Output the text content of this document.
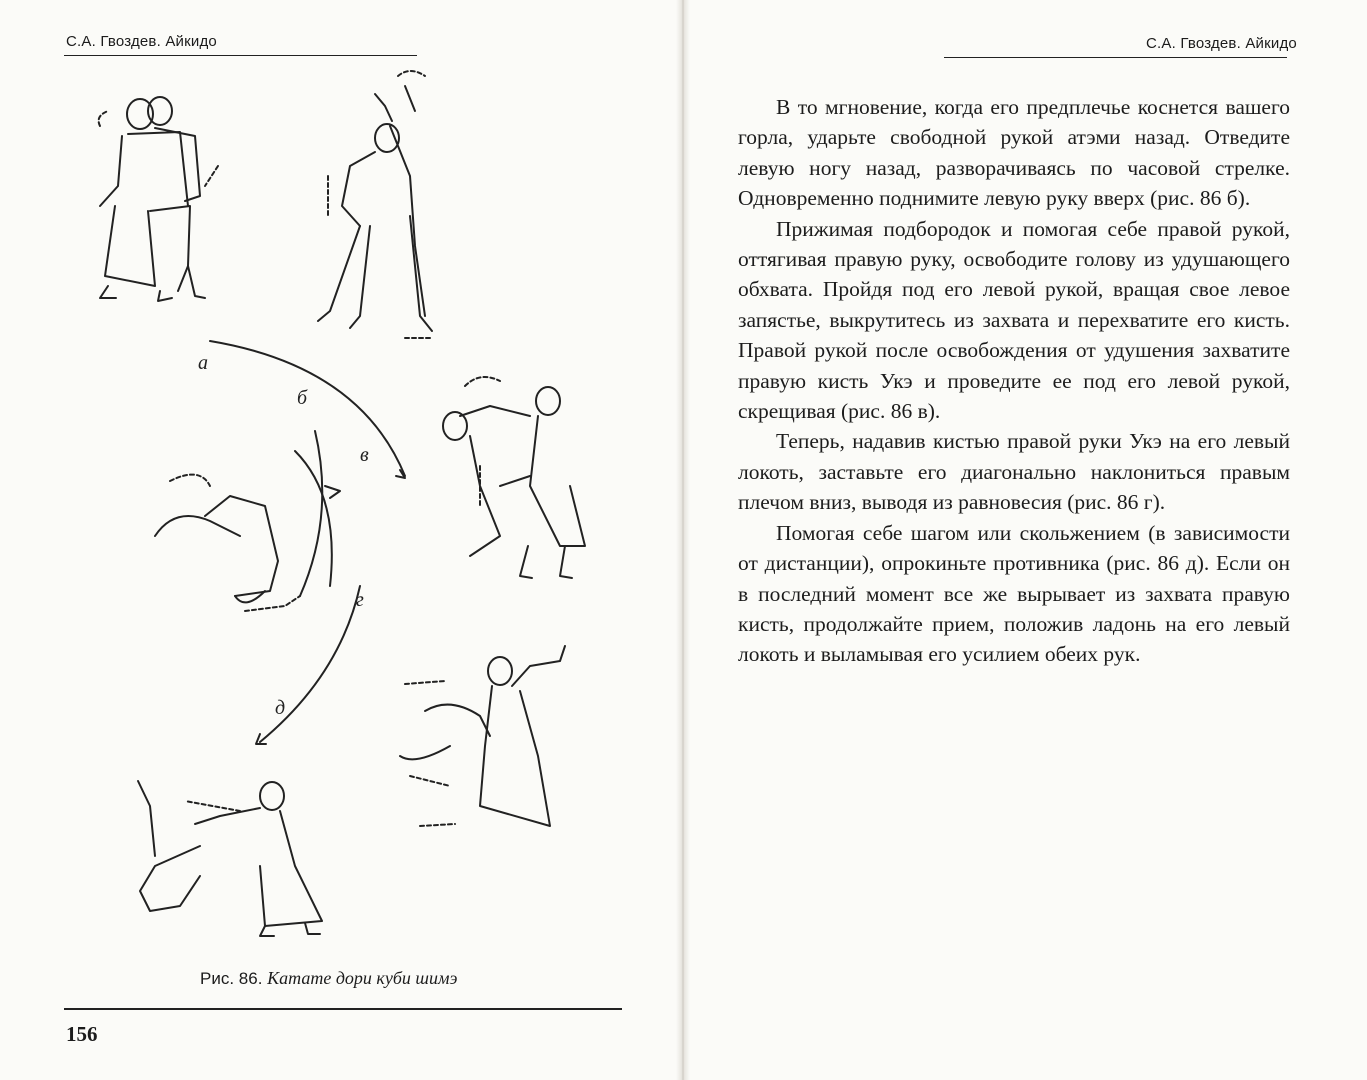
С.А. Гвоздев. Айкидо
а
б
в
г
д
Рис. 86. Катате дори куби шимэ
156
С.А. Гвоздев. Айкидо

В то мгновение, когда его предплечье коснется вашего горла, ударьте свободной рукой атэми назад. Отведите левую ногу назад, разворачиваясь по часовой стрелке. Одновременно поднимите левую руку вверх (рис. 86 б).

Прижимая подбородок и помогая себе правой рукой, оттягивая правую руку, освободите голову из удушающего обхвата. Пройдя под его левой рукой, вращая свое левое запястье, выкрутитесь из захвата и перехватите его кисть. Правой рукой после освобождения от удушения захватите правую кисть Укэ и проведите ее под его левой рукой, скрещивая (рис. 86 в).

Теперь, надавив кистью правой руки Укэ на его левый локоть, заставьте его диагонально наклониться правым плечом вниз, выводя из равновесия (рис. 86 г).

Помогая себе шагом или скольжением (в зависимости от дистанции), опрокиньте противника (рис. 86 д). Если он в последний момент все же вырывает из захвата правую кисть, продолжайте прием, положив ладонь на его левый локоть и выламывая его усилием обеих рук.
